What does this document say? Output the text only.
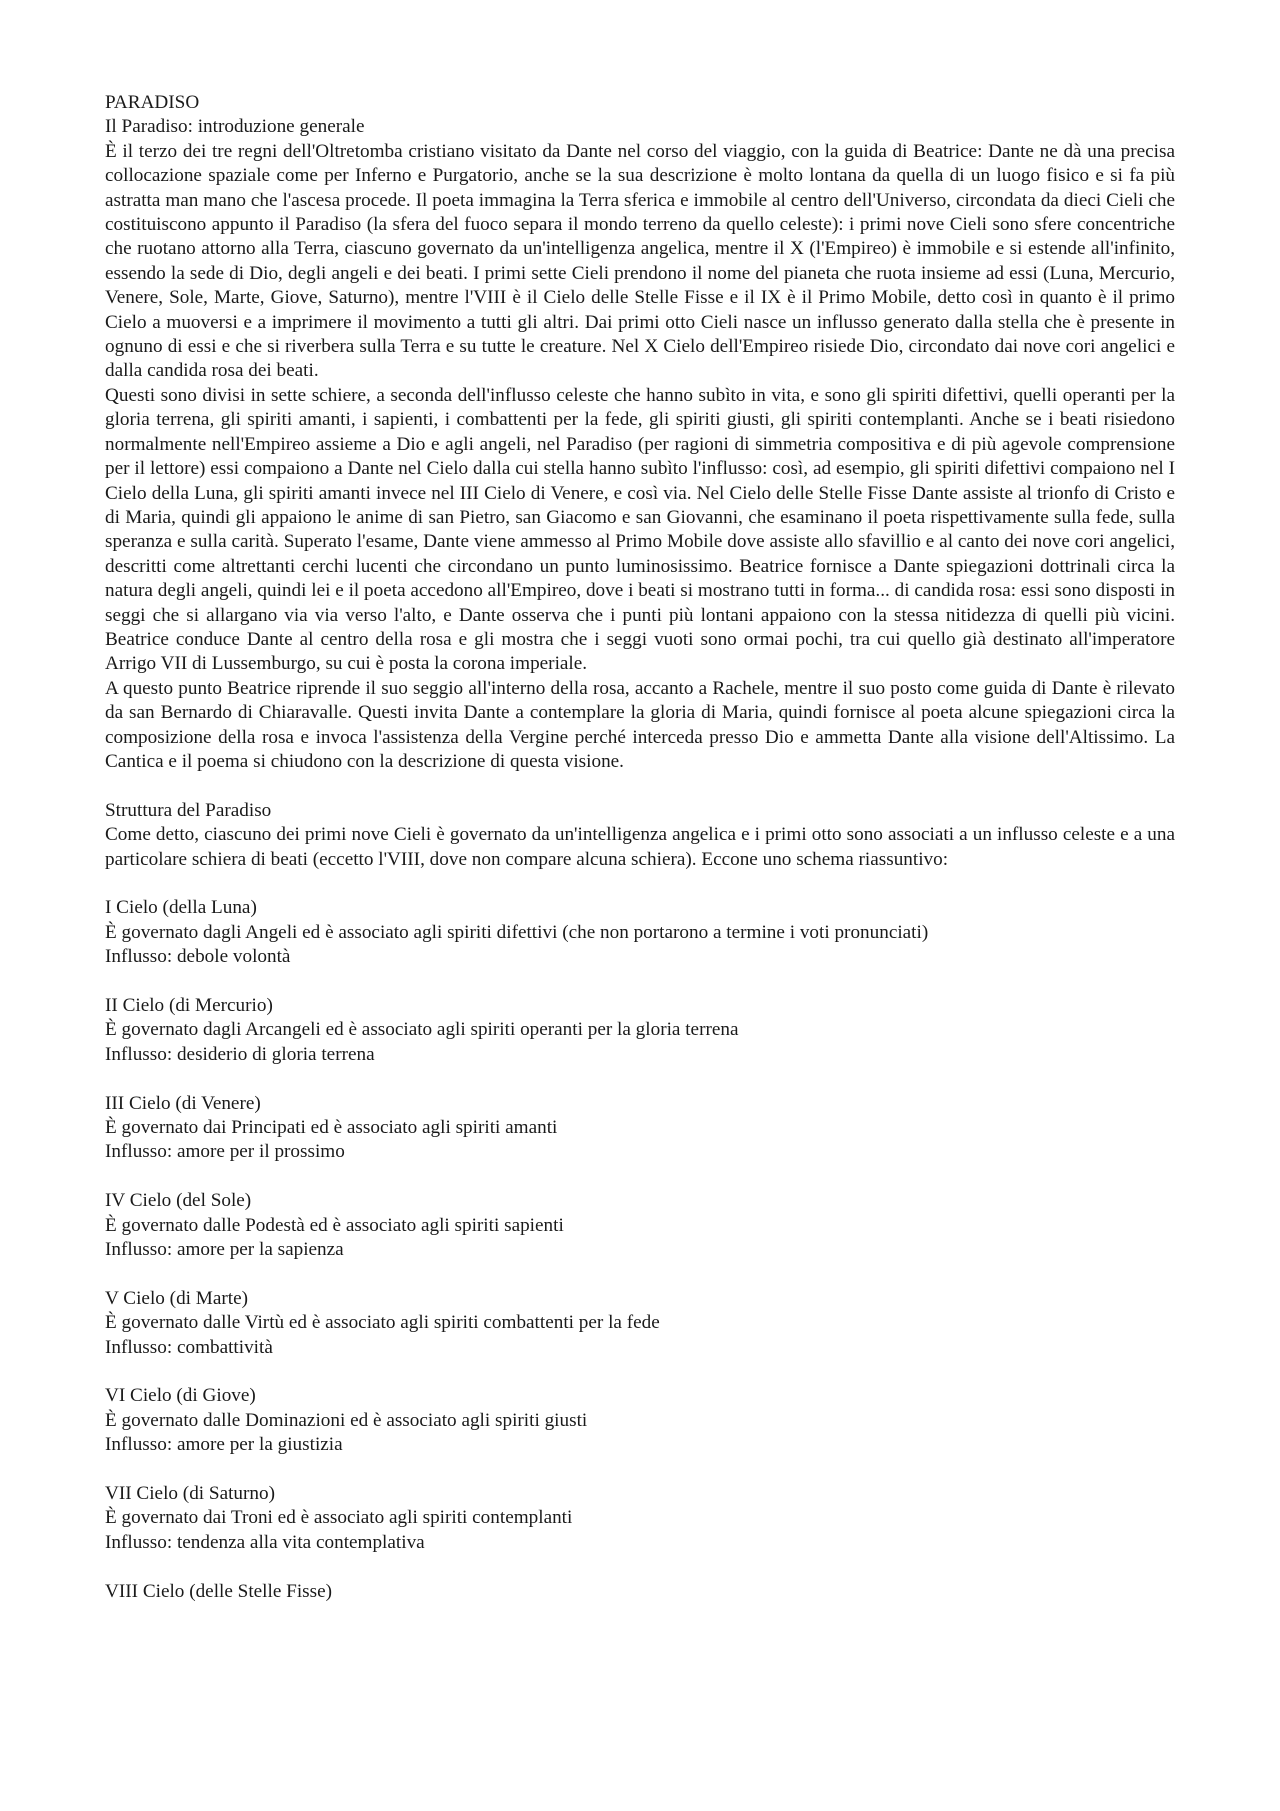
PARADISO
Il Paradiso: introduzione generale
È il terzo dei tre regni dell'Oltretomba cristiano visitato da Dante nel corso del viaggio, con la guida di Beatrice: Dante ne dà una precisa collocazione spaziale come per Inferno e Purgatorio, anche se la sua descrizione è molto lontana da quella di un luogo fisico e si fa più astratta man mano che l'ascesa procede. Il poeta immagina la Terra sferica e immobile al centro dell'Universo, circondata da dieci Cieli che costituiscono appunto il Paradiso (la sfera del fuoco separa il mondo terreno da quello celeste): i primi nove Cieli sono sfere concentriche che ruotano attorno alla Terra, ciascuno governato da un'intelligenza angelica, mentre il X (l'Empireo) è immobile e si estende all'infinito, essendo la sede di Dio, degli angeli e dei beati. I primi sette Cieli prendono il nome del pianeta che ruota insieme ad essi (Luna, Mercurio, Venere, Sole, Marte, Giove, Saturno), mentre l'VIII è il Cielo delle Stelle Fisse e il IX è il Primo Mobile, detto così in quanto è il primo Cielo a muoversi e a imprimere il movimento a tutti gli altri. Dai primi otto Cieli nasce un influsso generato dalla stella che è presente in ognuno di essi e che si riverbera sulla Terra e su tutte le creature. Nel X Cielo dell'Empireo risiede Dio, circondato dai nove cori angelici e dalla candida rosa dei beati.
Questi sono divisi in sette schiere, a seconda dell'influsso celeste che hanno subìto in vita, e sono gli spiriti difettivi, quelli operanti per la gloria terrena, gli spiriti amanti, i sapienti, i combattenti per la fede, gli spiriti giusti, gli spiriti contemplanti. Anche se i beati risiedono normalmente nell'Empireo assieme a Dio e agli angeli, nel Paradiso (per ragioni di simmetria compositiva e di più agevole comprensione per il lettore) essi compaiono a Dante nel Cielo dalla cui stella hanno subìto l'influsso: così, ad esempio, gli spiriti difettivi compaiono nel I Cielo della Luna, gli spiriti amanti invece nel III Cielo di Venere, e così via. Nel Cielo delle Stelle Fisse Dante assiste al trionfo di Cristo e di Maria, quindi gli appaiono le anime di san Pietro, san Giacomo e san Giovanni, che esaminano il poeta rispettivamente sulla fede, sulla speranza e sulla carità. Superato l'esame, Dante viene ammesso al Primo Mobile dove assiste allo sfavillio e al canto dei nove cori angelici, descritti come altrettanti cerchi lucenti che circondano un punto luminosissimo. Beatrice fornisce a Dante spiegazioni dottrinali circa la natura degli angeli, quindi lei e il poeta accedono all'Empireo, dove i beati si mostrano tutti in forma... di candida rosa: essi sono disposti in seggi che si allargano via via verso l'alto, e Dante osserva che i punti più lontani appaiono con la stessa nitidezza di quelli più vicini. Beatrice conduce Dante al centro della rosa e gli mostra che i seggi vuoti sono ormai pochi, tra cui quello già destinato all'imperatore Arrigo VII di Lussemburgo, su cui è posta la corona imperiale.
A questo punto Beatrice riprende il suo seggio all'interno della rosa, accanto a Rachele, mentre il suo posto come guida di Dante è rilevato da san Bernardo di Chiaravalle. Questi invita Dante a contemplare la gloria di Maria, quindi fornisce al poeta alcune spiegazioni circa la composizione della rosa e invoca l'assistenza della Vergine perché interceda presso Dio e ammetta Dante alla visione dell'Altissimo. La Cantica e il poema si chiudono con la descrizione di questa visione.
Struttura del Paradiso
Come detto, ciascuno dei primi nove Cieli è governato da un'intelligenza angelica e i primi otto sono associati a un influsso celeste e a una particolare schiera di beati (eccetto l'VIII, dove non compare alcuna schiera). Eccone uno schema riassuntivo:
I Cielo (della Luna)
È governato dagli Angeli ed è associato agli spiriti difettivi (che non portarono a termine i voti pronunciati)
Influsso: debole volontà
II Cielo (di Mercurio)
È governato dagli Arcangeli ed è associato agli spiriti operanti per la gloria terrena
Influsso: desiderio di gloria terrena
III Cielo (di Venere)
È governato dai Principati ed è associato agli spiriti amanti
Influsso: amore per il prossimo
IV Cielo (del Sole)
È governato dalle Podestà ed è associato agli spiriti sapienti
Influsso: amore per la sapienza
V Cielo (di Marte)
È governato dalle Virtù ed è associato agli spiriti combattenti per la fede
Influsso: combattività
VI Cielo (di Giove)
È governato dalle Dominazioni ed è associato agli spiriti giusti
Influsso: amore per la giustizia
VII Cielo (di Saturno)
È governato dai Troni ed è associato agli spiriti contemplanti
Influsso: tendenza alla vita contemplativa
VIII Cielo (delle Stelle Fisse)
